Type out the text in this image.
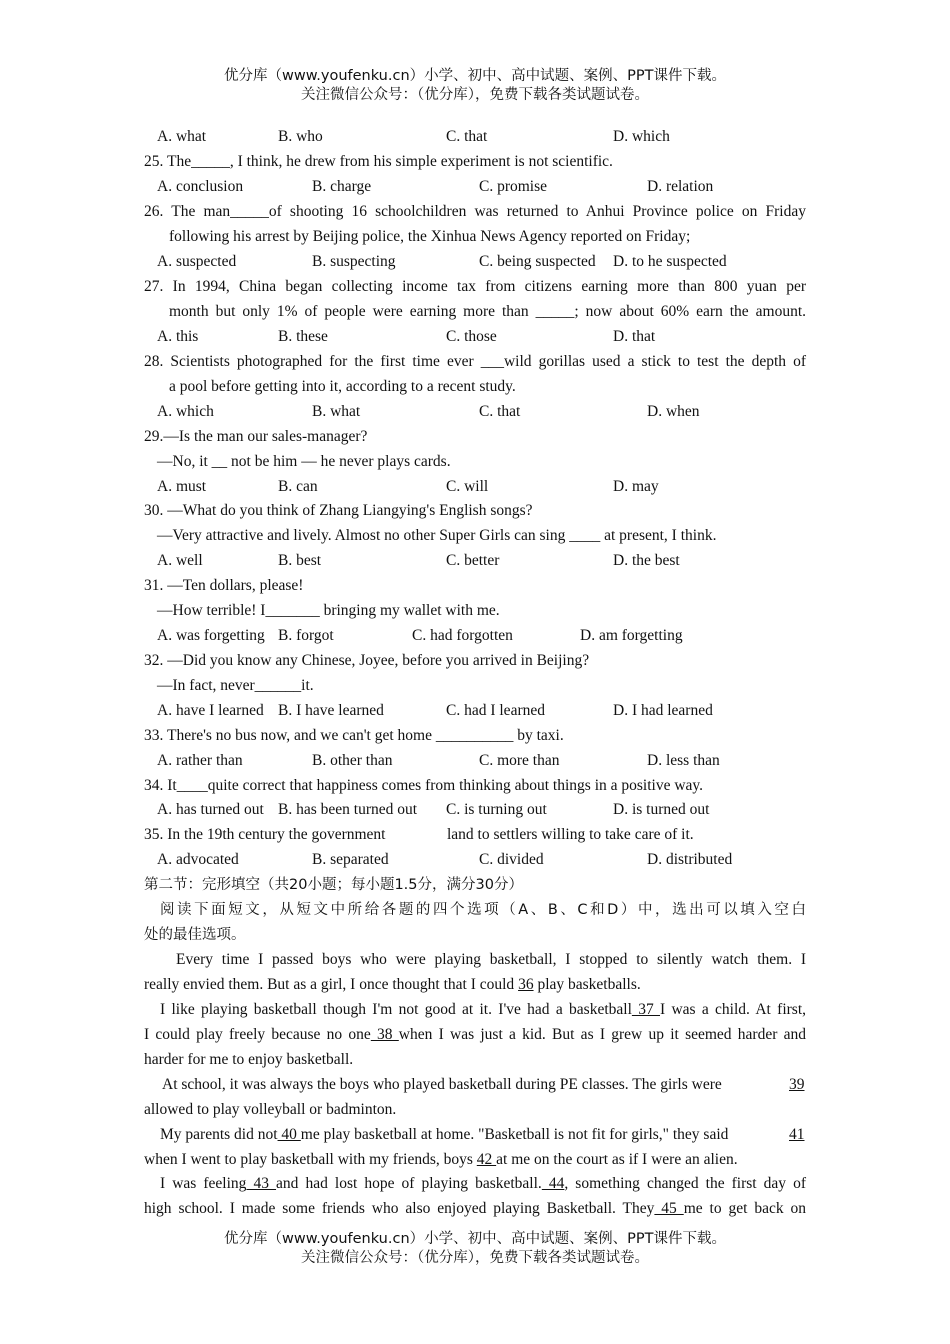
优分库（www.youfenku.cn）小学、初中、高中试题、案例、PPT课件下载。
关注微信公众号：（优分库），免费下载各类试题试卷。
A. what	B. who	C. that	D. which
25. The_____, I think, he drew from his simple experiment is not scientific.
A. conclusion	B. charge	C. promise	D. relation
26. The man_____of shooting 16 schoolchildren was returned to Anhui Province police on Friday
following his arrest by Beijing police, the Xinhua News Agency reported on Friday;
A. suspected	B. suspecting	C. being suspected D. to he suspected
27. In 1994, China began collecting income tax from citizens earning more than 800 yuan per
month but only 1% of people were earning more than _____; now about 60% earn the amount.
A. this	B. these	C. those	D. that
28. Scientists photographed for the first time ever ___wild gorillas used a stick to test the depth of
a pool before getting into it, according to a recent study.
A. which	B. what	C. that	D. when
29.—Is the man our sales-manager?
—No, it __ not be him — he never plays cards.
A. must	B. can	C. will	D. may
30. —What do you think of Zhang Liangying's English songs?
—Very attractive and lively. Almost no other Super Girls can sing ____ at present, I think.
A. well	B. best	C. better	D. the best
31. —Ten dollars, please!
—How terrible! I_______ bringing my wallet with me.
A. was forgetting B. forgot	C. had forgotten	D. am forgetting
32. —Did you know any Chinese, Joyee, before you arrived in Beijing?
—In fact, never______it.
A. have I learned B. I have learned	C. had I learned	D. I had learned
33. There's no bus now, and we can't get home __________ by taxi.
A. rather than	B. other than	C. more than	D. less than
34. It____quite correct that happiness comes from thinking about things in a positive way.
A. has turned out B. has been turned out C. is turning out	D. is turned out
35. In the 19th century the government	land to settlers willing to take care of it.
A. advocated	B. separated	C. divided	D. distributed
第二节：完形填空（共20小题；每小题1.5分，满分30分）
阅读下面短文，从短文中所给各题的四个选项（A、B、C和D）中，选出可以填入空白
处的最佳选项。
Every time I passed boys who were playing basketball, I stopped to silently watch them. I
really envied them. But as a girl, I once thought that I could 36 play basketballs.
I like playing basketball though I'm not good at it. I've had a basketball 37 I was a child. At first,
I could play freely because no one 38 when I was just a kid. But as I grew up it seemed harder and
harder for me to enjoy basketball.
At school, it was always the boys who played basketball during PE classes. The girls were	39
allowed to play volleyball or badminton.
My parents did not 40 me play basketball at home. "Basketball is not fit for girls," they said	41
when I went to play basketball with my friends, boys 42 at me on the court as if I were an alien.
I was feeling 43 and had lost hope of playing basketball. 44, something changed the first day of
high school. I made some friends who also enjoyed playing Basketball. They 45 me to get back on
优分库（www.youfenku.cn）小学、初中、高中试题、案例、PPT课件下载。
关注微信公众号：（优分库），免费下载各类试题试卷。
